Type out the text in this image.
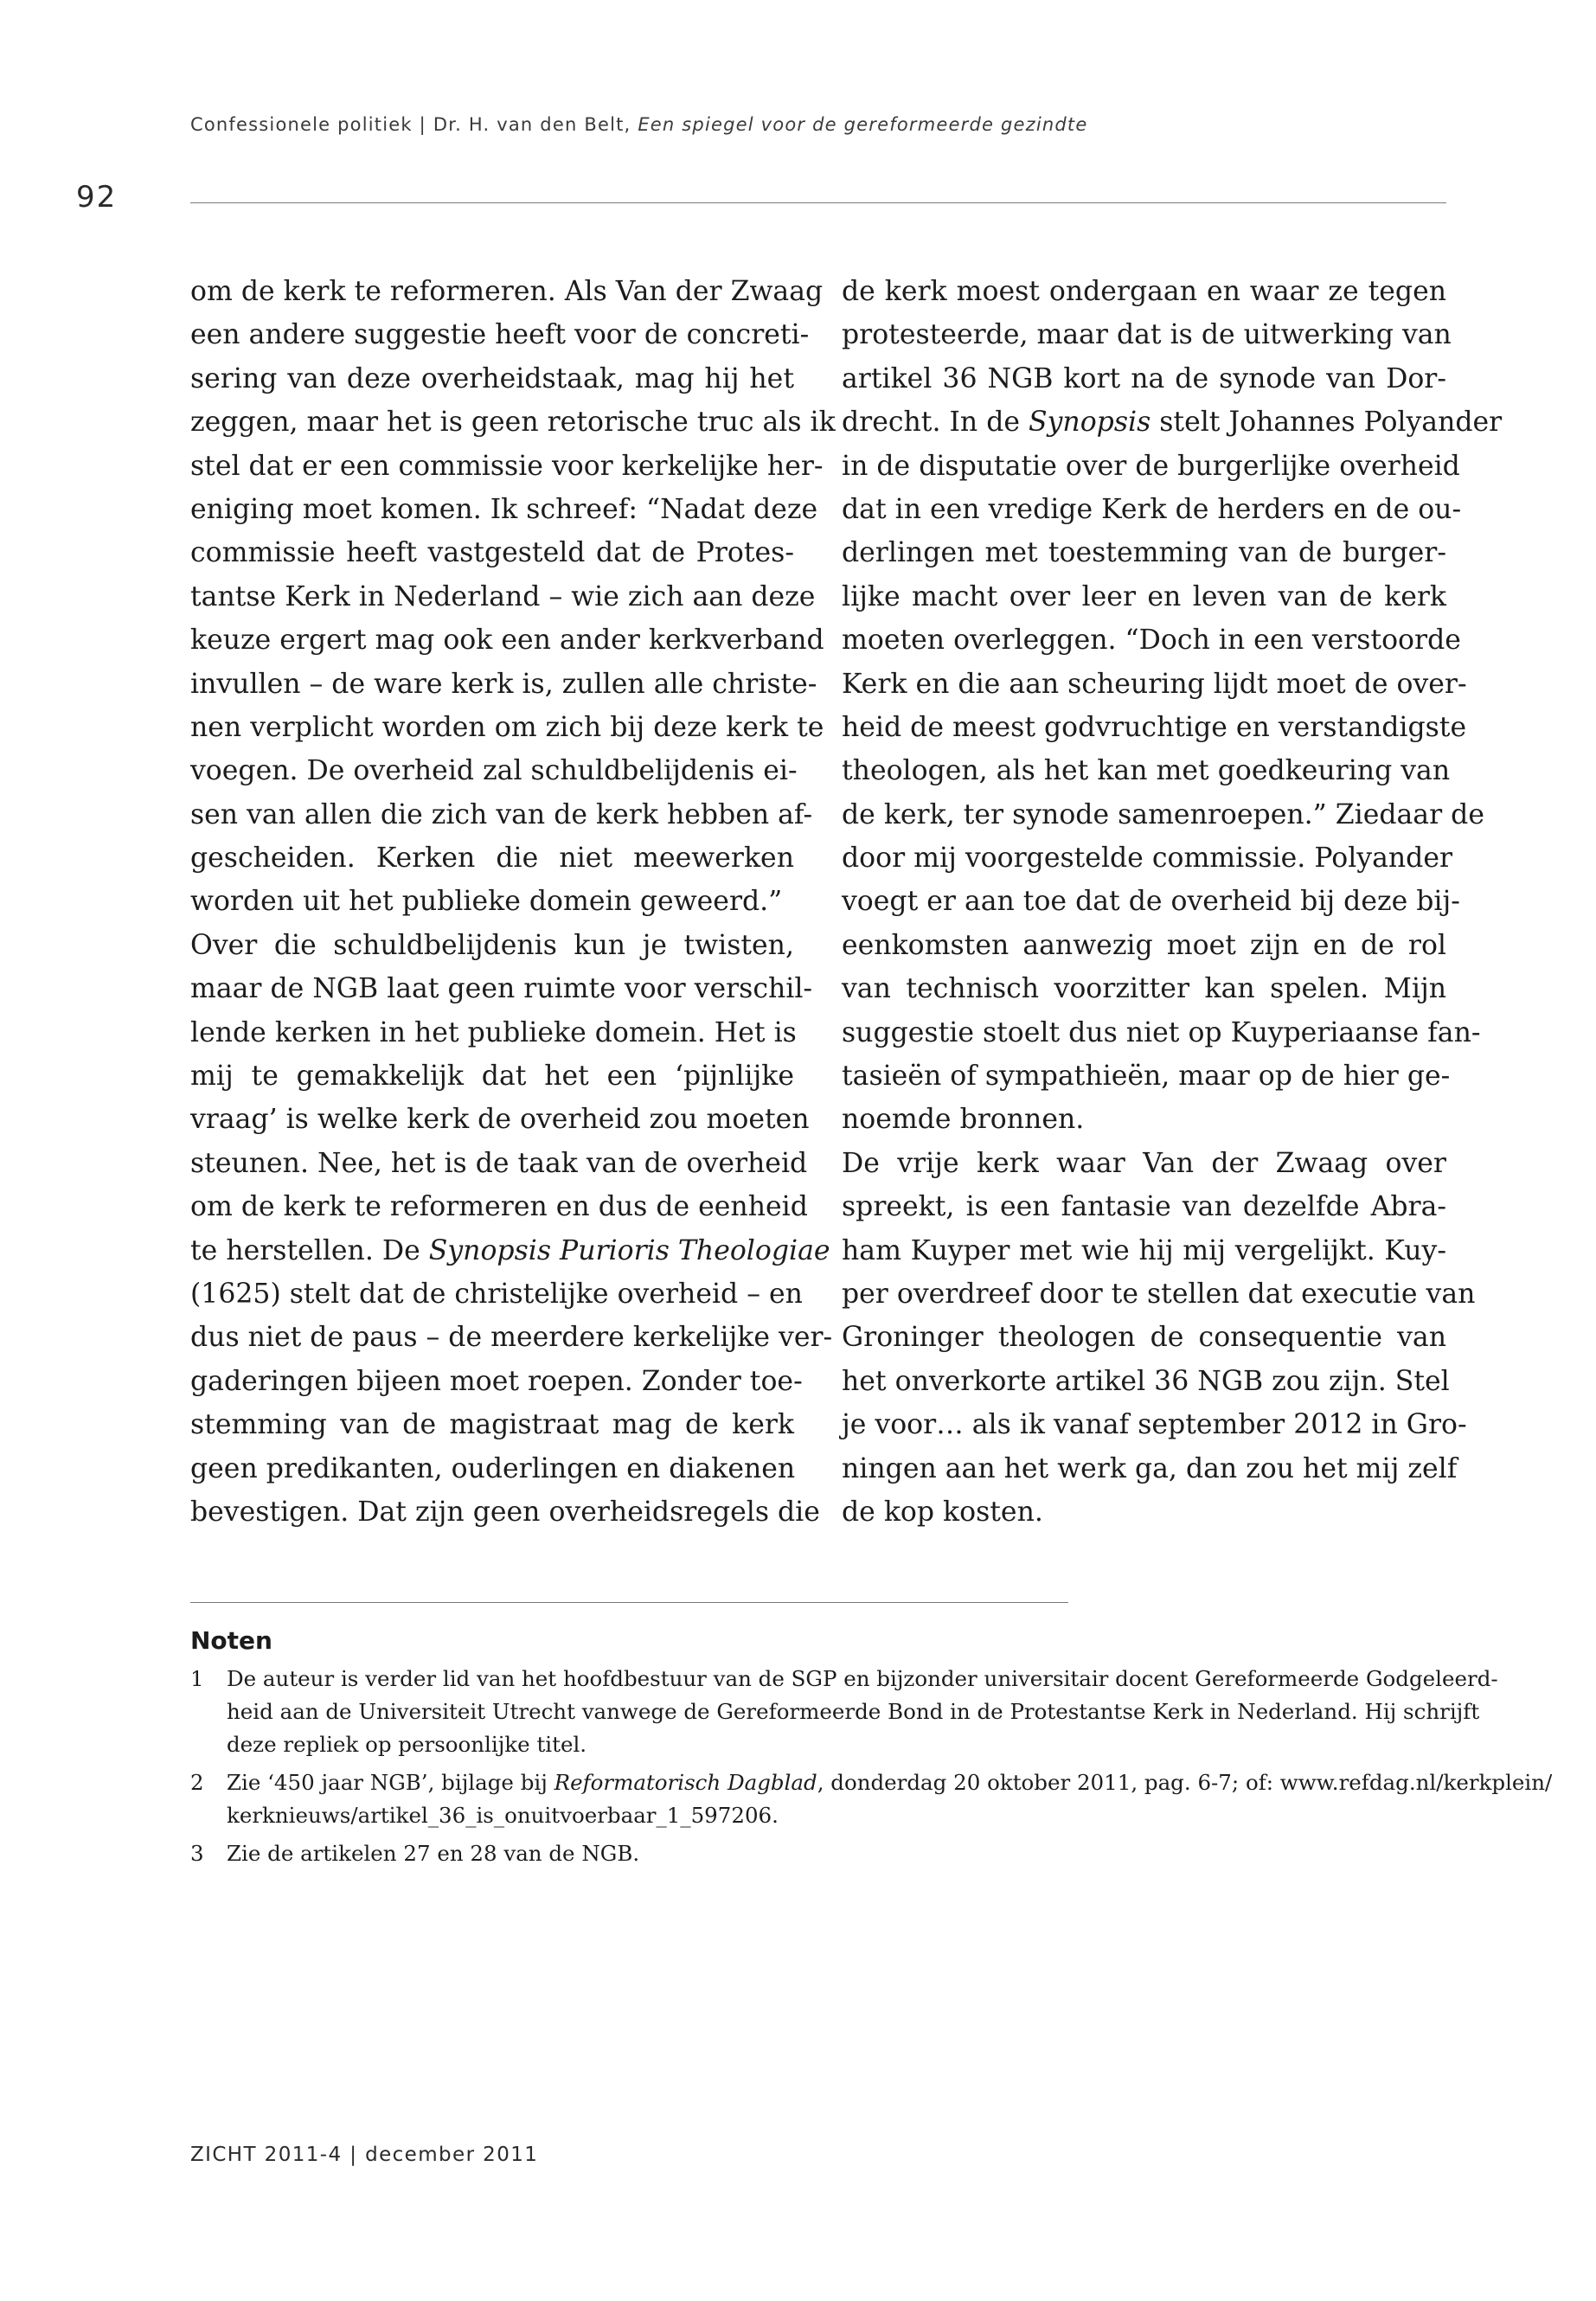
Confessionele politiek | Dr. H. van den Belt, Een spiegel voor de gereformeerde gezindte
92

om de kerk te reformeren. Als Van der Zwaag
een andere suggestie heeft voor de concreti-
sering van deze overheidstaak, mag hij het
zeggen, maar het is geen retorische truc als ik
stel dat er een commissie voor kerkelijke her-
eniging moet komen. Ik schreef: “Nadat deze
commissie heeft vastgesteld dat de Protes-
tantse Kerk in Nederland – wie zich aan deze
keuze ergert mag ook een ander kerkverband
invullen – de ware kerk is, zullen alle christe-
nen verplicht worden om zich bij deze kerk te
voegen. De overheid zal schuldbelijdenis ei-
sen van allen die zich van de kerk hebben af-
gescheiden. Kerken die niet meewerken
worden uit het publieke domein geweerd.”

Over die schuldbelijdenis kun je twisten,
maar de NGB laat geen ruimte voor verschil-
lende kerken in het publieke domein. Het is
mij te gemakkelijk dat het een ‘pijnlijke
vraag’ is welke kerk de overheid zou moeten
steunen. Nee, het is de taak van de overheid
om de kerk te reformeren en dus de eenheid
te herstellen. De Synopsis Purioris Theologiae
(1625) stelt dat de christelijke overheid – en
dus niet de paus – de meerdere kerkelijke ver-
gaderingen bijeen moet roepen. Zonder toe-
stemming van de magistraat mag de kerk
geen predikanten, ouderlingen en diakenen
bevestigen. Dat zijn geen overheidsregels die

de kerk moest ondergaan en waar ze tegen
protesteerde, maar dat is de uitwerking van
artikel 36 NGB kort na de synode van Dor-
drecht. In de Synopsis stelt Johannes Polyander
in de disputatie over de burgerlijke overheid
dat in een vredige Kerk de herders en de ou-
derlingen met toestemming van de burger-
lijke macht over leer en leven van de kerk
moeten overleggen. “Doch in een verstoorde
Kerk en die aan scheuring lijdt moet de over-
heid de meest godvruchtige en verstandigste
theologen, als het kan met goedkeuring van
de kerk, ter synode samenroepen.” Ziedaar de
door mij voorgestelde commissie. Polyander
voegt er aan toe dat de overheid bij deze bij-
eenkomsten aanwezig moet zijn en de rol
van technisch voorzitter kan spelen. Mijn
suggestie stoelt dus niet op Kuyperiaanse fan-
tasieën of sympathieën, maar op de hier ge-
noemde bronnen.

De vrije kerk waar Van der Zwaag over
spreekt, is een fantasie van dezelfde Abra-
ham Kuyper met wie hij mij vergelijkt. Kuy-
per overdreef door te stellen dat executie van
Groninger theologen de consequentie van
het onverkorte artikel 36 NGB zou zijn. Stel
je voor… als ik vanaf september 2012 in Gro-
ningen aan het werk ga, dan zou het mij zelf
de kop kosten.

Noten
1 De auteur is verder lid van het hoofdbestuur van de SGP en bijzonder universitair docent Gereformeerde Godgeleerd-
heid aan de Universiteit Utrecht vanwege de Gereformeerde Bond in de Protestantse Kerk in Nederland. Hij schrijft
deze repliek op persoonlijke titel.
2 Zie ‘450 jaar NGB’, bijlage bij Reformatorisch Dagblad, donderdag 20 oktober 2011, pag. 6-7; of: www.refdag.nl/kerkplein/
kerknieuws/artikel_36_is_onuitvoerbaar_1_597206.
3 Zie de artikelen 27 en 28 van de NGB.
ZICHT 2011-4 | december 2011
